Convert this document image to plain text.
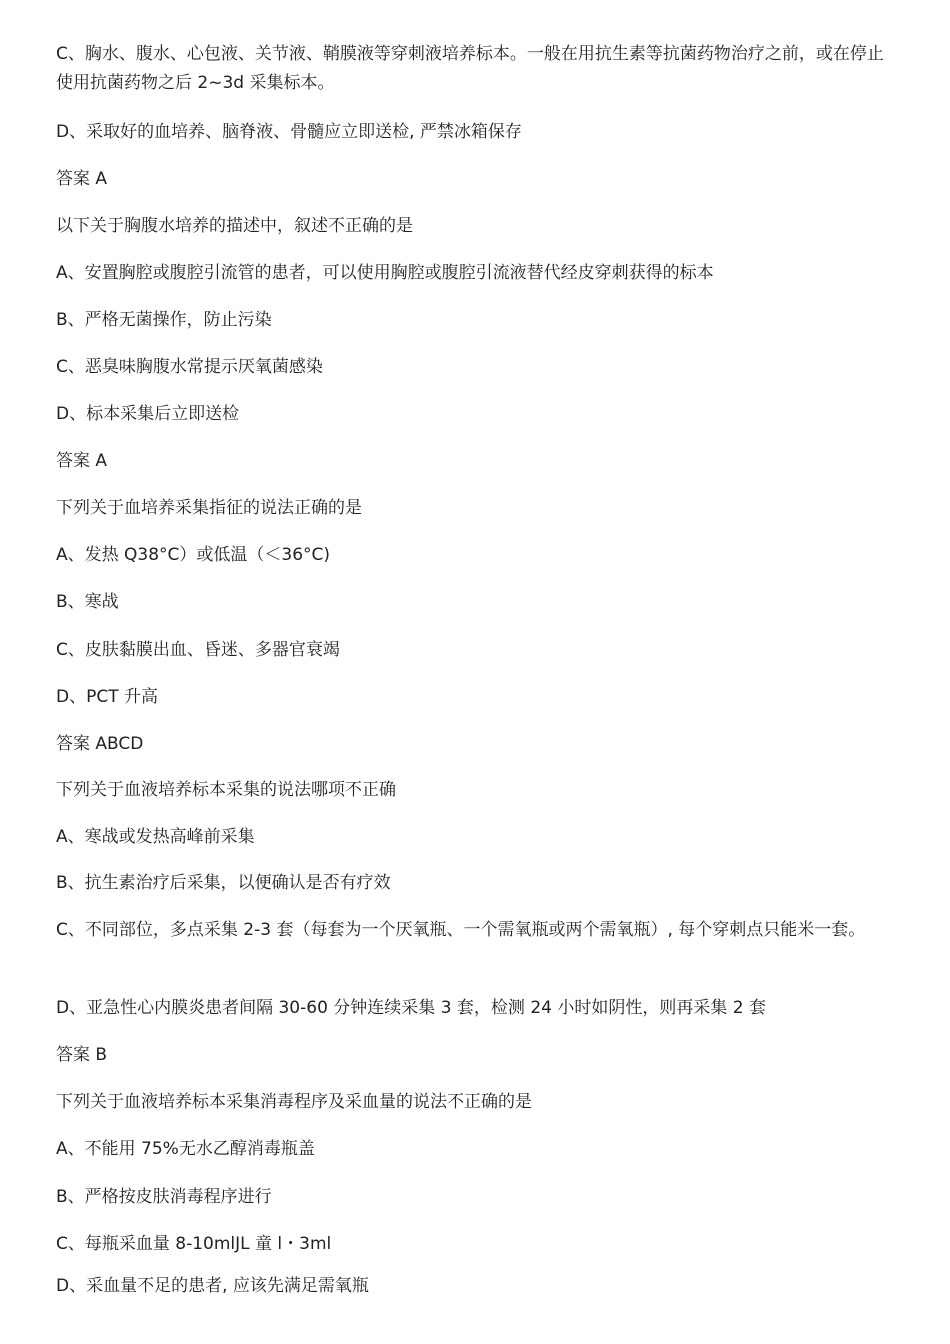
C、胸水、腹水、心包液、关节液、鞘膜液等穿刺液培养标本。一般在用抗生素等抗菌药物治疗之前，或在停止使用抗菌药物之后 2~3d 采集标本。
D、采取好的血培养、脑脊液、骨髓应立即送检, 严禁冰箱保存
答案 A
以下关于胸腹水培养的描述中，叙述不正确的是
A、安置胸腔或腹腔引流管的患者，可以使用胸腔或腹腔引流液替代经皮穿刺获得的标本
B、严格无菌操作，防止污染
C、恶臭味胸腹水常提示厌氧菌感染
D、标本采集后立即送检
答案 A
下列关于血培养采集指征的说法正确的是
A、发热 Q38°C）或低温（＜36°C)
B、寒战
C、皮肤黏膜出血、昏迷、多器官衰竭
D、PCT 升高
答案 ABCD
下列关于血液培养标本采集的说法哪项不正确
A、寒战或发热高峰前采集
B、抗生素治疗后采集，以便确认是否有疗效
C、不同部位，多点采集 2-3 套（每套为一个厌氧瓶、一个需氧瓶或两个需氧瓶）, 每个穿刺点只能米一套。
D、亚急性心内膜炎患者间隔 30-60 分钟连续采集 3 套，检测 24 小时如阴性，则再采集 2 套
答案 B
下列关于血液培养标本采集消毒程序及采血量的说法不正确的是
A、不能用 75%无水乙醇消毒瓶盖
B、严格按皮肤消毒程序进行
C、每瓶采血量 8-10mlJL 童 l・3ml
D、采血量不足的患者, 应该先满足需氧瓶
